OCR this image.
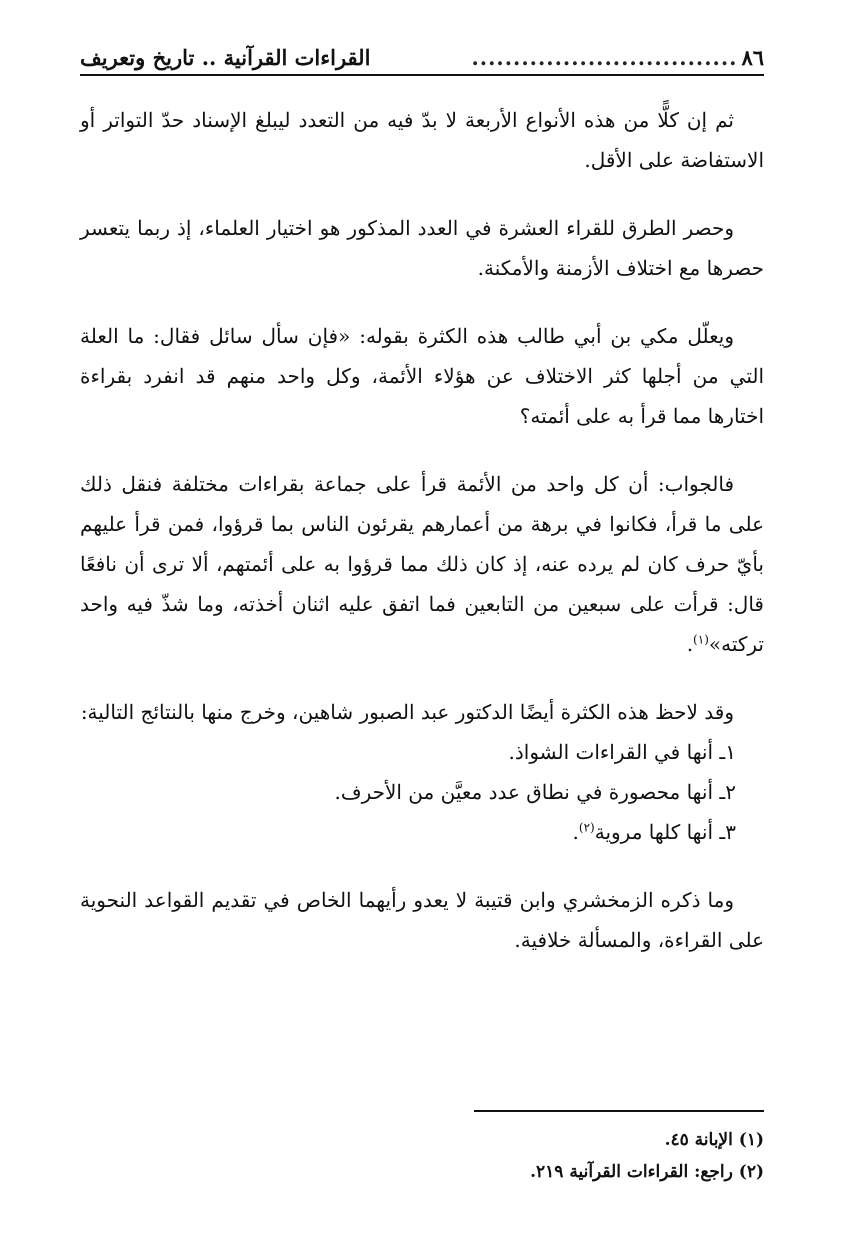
٨٦
................................
القراءات القرآنية .. تاريخ وتعريف

ثم إن كلًّا من هذه الأنواع الأربعة لا بدّ فيه من التعدد ليبلغ الإسناد حدّ التواتر أو الاستفاضة على الأقل.

وحصر الطرق للقراء العشرة في العدد المذكور هو اختيار العلماء، إذ ربما يتعسر حصرها مع اختلاف الأزمنة والأمكنة.

ويعلّل مكي بن أبي طالب هذه الكثرة بقوله: «فإن سأل سائل فقال: ما العلة التي من أجلها كثر الاختلاف عن هؤلاء الأئمة، وكل واحد منهم قد انفرد بقراءة اختارها مما قرأ به على أئمته؟

فالجواب: أن كل واحد من الأئمة قرأ على جماعة بقراءات مختلفة فنقل ذلك على ما قرأ، فكانوا في برهة من أعمارهم يقرئون الناس بما قرؤوا، فمن قرأ عليهم بأيّ حرف كان لم يرده عنه، إذ كان ذلك مما قرؤوا به على أئمتهم، ألا ترى أن نافعًا قال: قرأت على سبعين من التابعين فما اتفق عليه اثنان أخذته، وما شذّ فيه واحد تركته»$^{(١)}$.

وقد لاحظ هذه الكثرة أيضًا الدكتور عبد الصبور شاهين، وخرج منها بالنتائج التالية:

١ـ أنها في القراءات الشواذ.
٢ـ أنها محصورة في نطاق عدد معيَّن من الأحرف.
٣ـ أنها كلها مروية$^{(٢)}$.

وما ذكره الزمخشري وابن قتيبة لا يعدو رأيهما الخاص في تقديم القواعد النحوية على القراءة، والمسألة خلافية.

(١) الإبانة ٤٥.
(٢) راجع: القراءات القرآنية ٢١٩.
